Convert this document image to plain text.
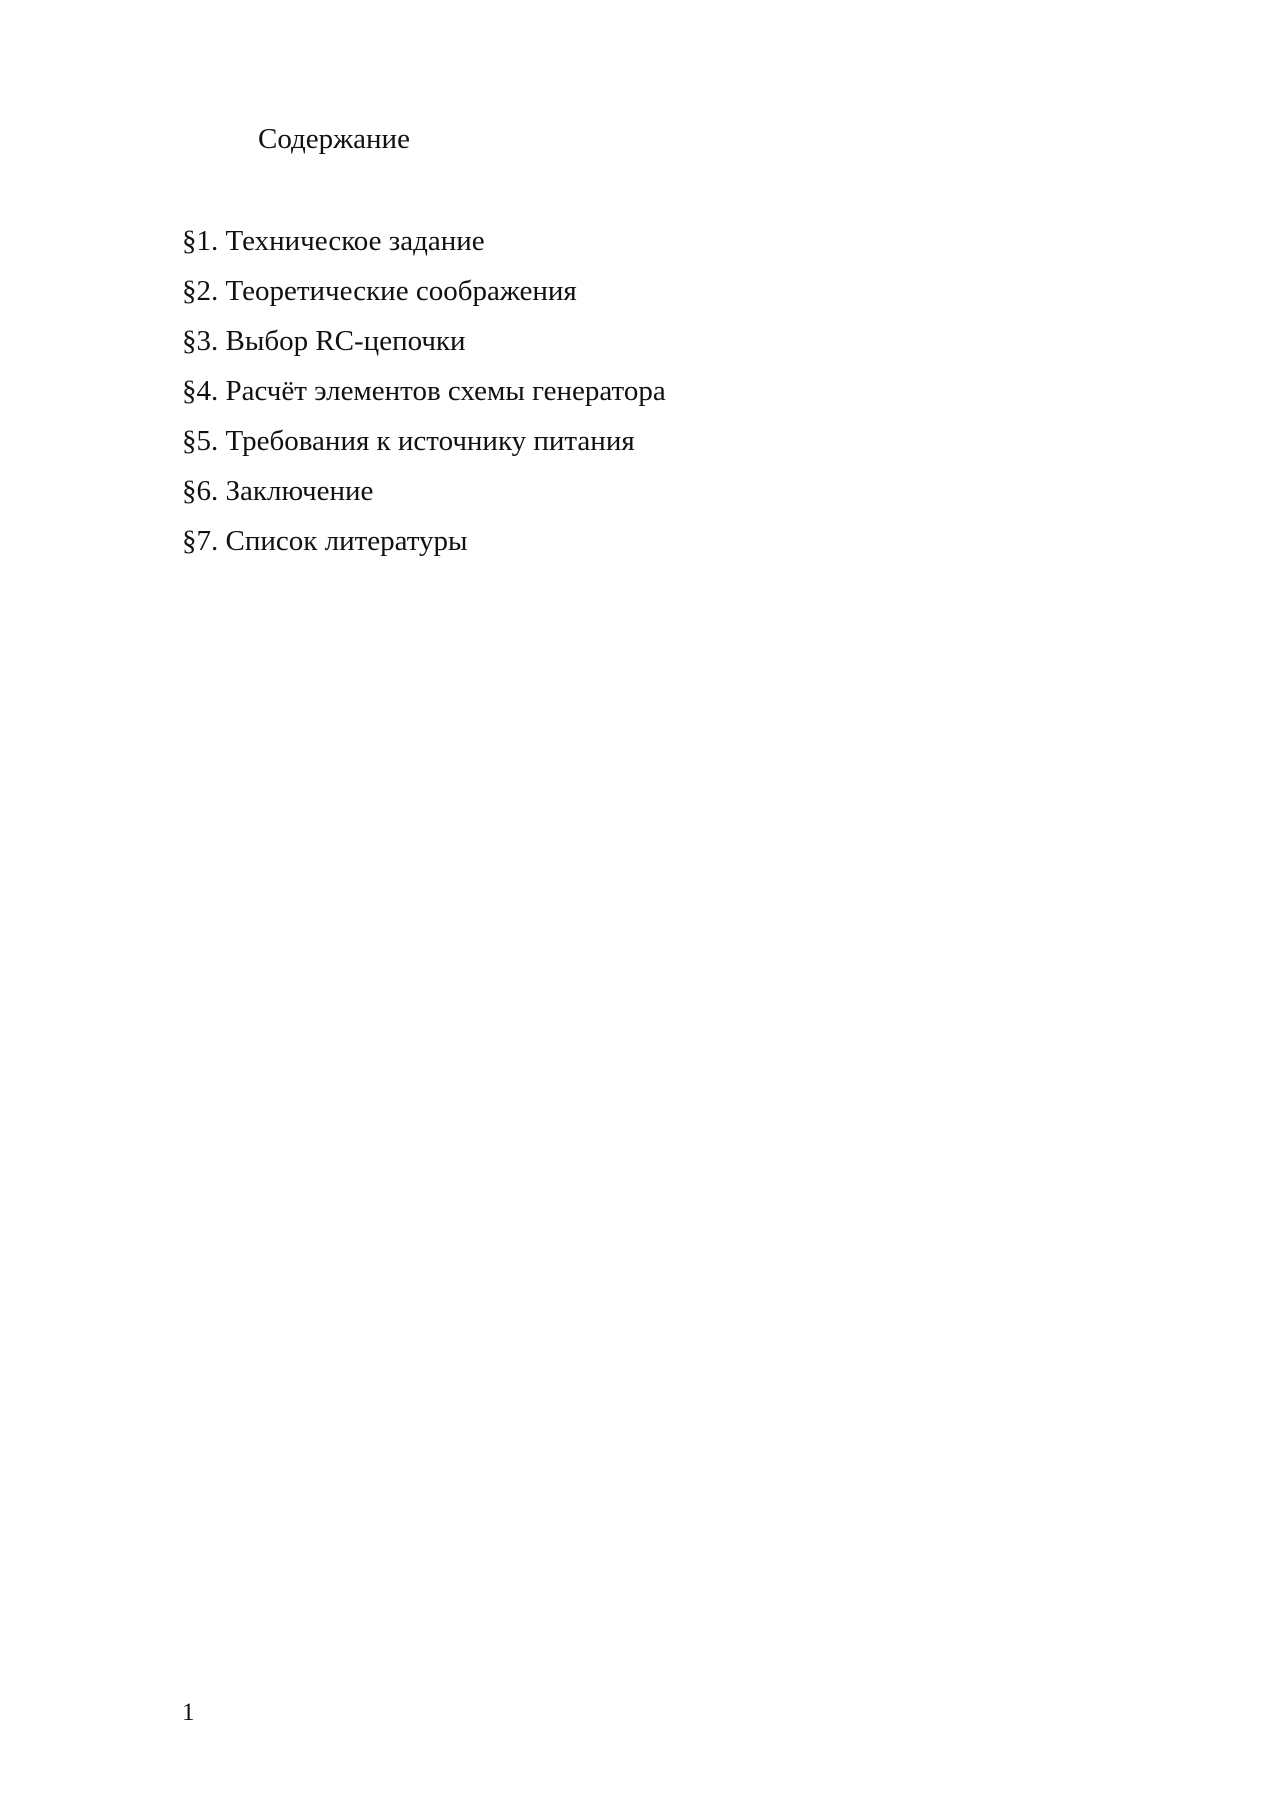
Содержание
§1. Техническое задание
§2. Теоретические соображения
§3. Выбор RC-цепочки
§4. Расчёт элементов схемы генератора
§5. Требования к источнику питания
§6. Заключение
§7. Список литературы
1
